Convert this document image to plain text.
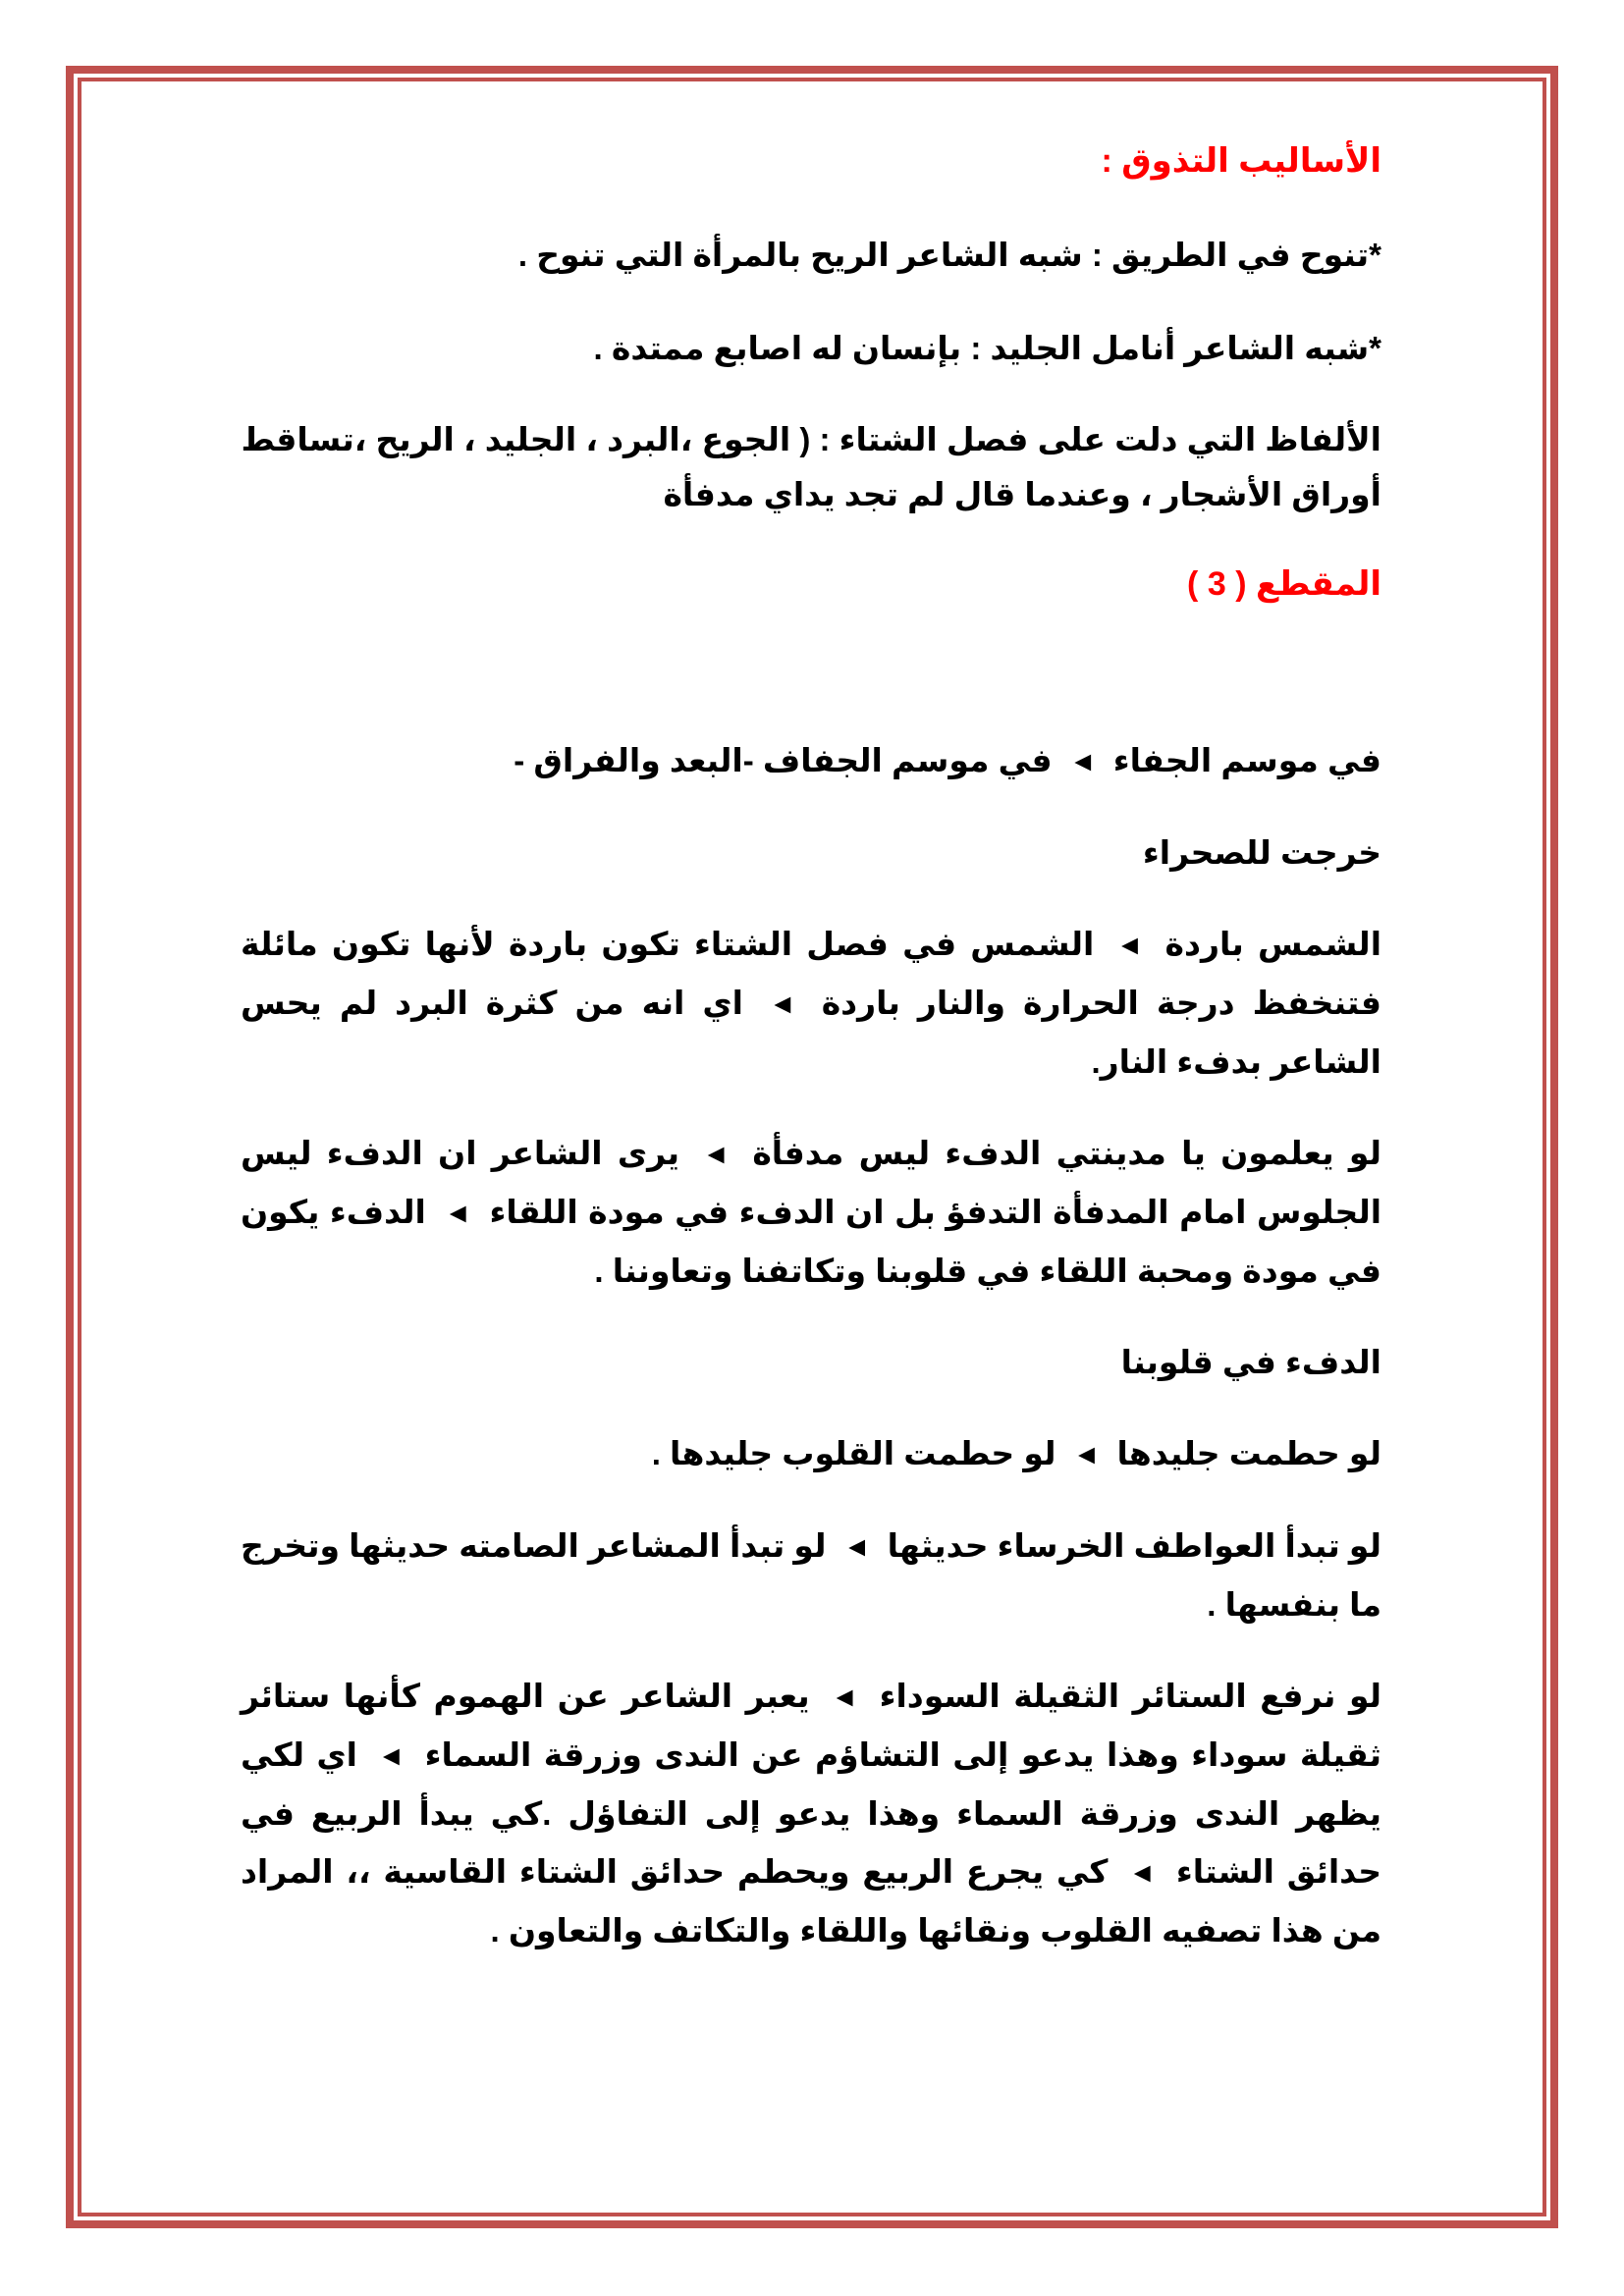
الأساليب التذوق :

*تنوح في الطريق : شبه الشاعر الريح بالمرأة التي تنوح .

*شبه الشاعر أنامل الجليد : بإنسان له اصابع ممتدة .

الألفاظ التي دلت على فصل الشتاء : ( الجوع ،البرد ، الجليد ، الريح ،تساقط أوراق الأشجار ، وعندما قال لم تجد يداي مدفأة

المقطع ( 3 )

في موسم الجفاء ◄ في موسم الجفاف -البعد والفراق -

خرجت للصحراء

الشمس باردة ◄ الشمس في فصل الشتاء تكون باردة لأنها تكون مائلة فتنخفظ درجة الحرارة والنار باردة ◄ اي انه من كثرة البرد لم يحس الشاعر بدفء النار.

لو يعلمون يا مدينتي الدفء ليس مدفأة ◄ يرى الشاعر ان الدفء ليس الجلوس امام المدفأة التدفؤ بل ان الدفء في مودة اللقاء ◄ الدفء يكون في مودة ومحبة اللقاء في قلوبنا وتكاتفنا وتعاوننا .

الدفء في قلوبنا

لو حطمت جليدها ◄ لو حطمت القلوب جليدها .

لو تبدأ العواطف الخرساء حديثها ◄ لو تبدأ المشاعر الصامته حديثها وتخرج ما بنفسها .

لو نرفع الستائر الثقيلة السوداء ◄ يعبر الشاعر عن الهموم كأنها ستائر ثقيلة سوداء وهذا يدعو إلى التشاؤم عن الندى وزرقة السماء ◄ اي لكي يظهر الندى وزرقة السماء وهذا يدعو إلى التفاؤل .كي يبدأ الربيع في حدائق الشتاء ◄ كي يجرع الربيع ويحطم حدائق الشتاء القاسية ،، المراد من هذا تصفيه القلوب ونقائها واللقاء والتكاتف والتعاون .
